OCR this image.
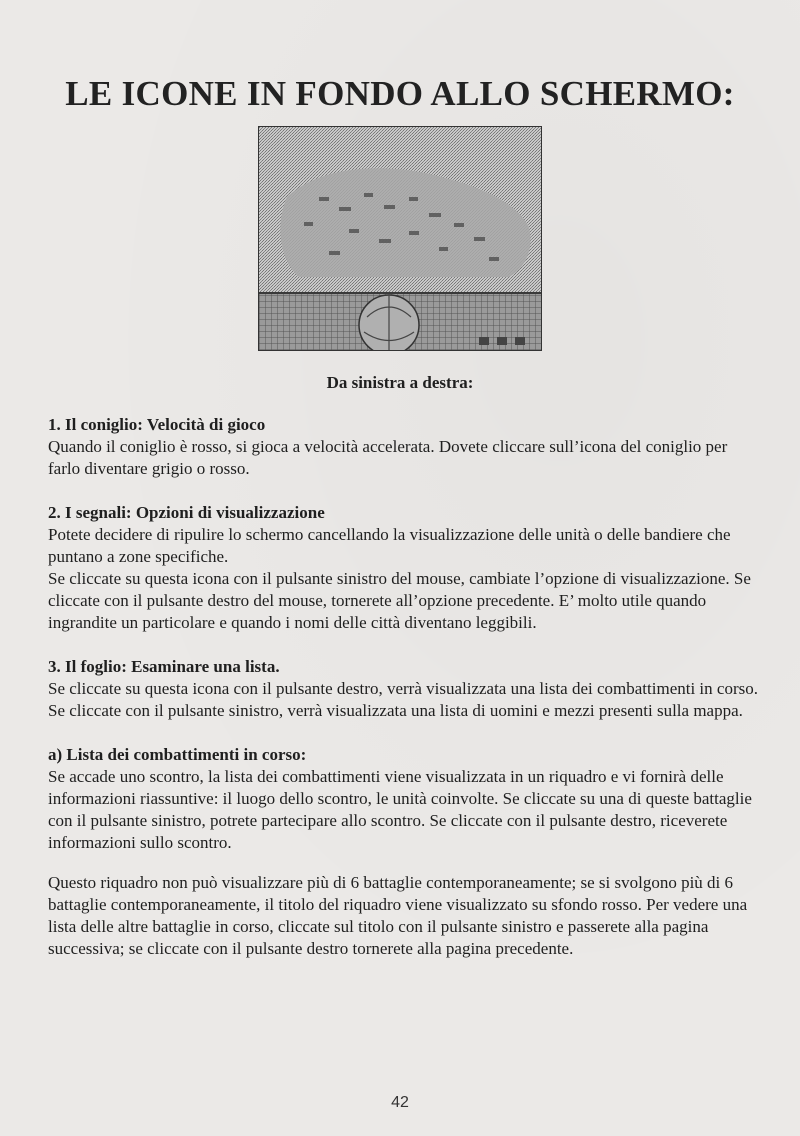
LE ICONE IN FONDO ALLO SCHERMO:

Da sinistra a destra:

1. Il coniglio: Velocità di gioco

Quando il coniglio è rosso, si gioca a velocità accelerata. Dovete cliccare sull’icona del coniglio per farlo diventare grigio o rosso.

2. I segnali: Opzioni di visualizzazione

Potete decidere di ripulire lo schermo cancellando la visualizzazione delle unità o delle bandiere che puntano a zone specifiche.

Se cliccate su questa icona con il pulsante sinistro del mouse, cambiate l’opzione di visualizzazione. Se cliccate con il pulsante destro del mouse, tornerete all’opzione precedente. E’ molto utile quando ingrandite un particolare e quando i nomi delle città diventano leggibili.

3. Il foglio: Esaminare una lista.

Se cliccate su questa icona con il pulsante destro, verrà visualizzata una lista dei combattimenti in corso.

Se cliccate con il pulsante sinistro, verrà visualizzata una lista di uomini e mezzi presenti sulla mappa.

a) Lista dei combattimenti in corso:

Se accade uno scontro, la lista dei combattimenti viene visualizzata in un riquadro e vi fornirà delle informazioni riassuntive: il luogo dello scontro, le unità coinvolte. Se cliccate su una di queste battaglie con il pulsante sinistro, potrete partecipare allo scontro. Se cliccate con il pulsante destro, riceverete informazioni sullo scontro.

Questo riquadro non può visualizzare più di 6 battaglie contemporaneamente; se si svolgono più di 6 battaglie contemporaneamente, il titolo del riquadro viene visualizzato su sfondo rosso. Per vedere una lista delle altre battaglie in corso, cliccate sul titolo con il pulsante sinistro e passerete alla pagina successiva; se cliccate con il pulsante destro tornerete alla pagina precedente.

42
